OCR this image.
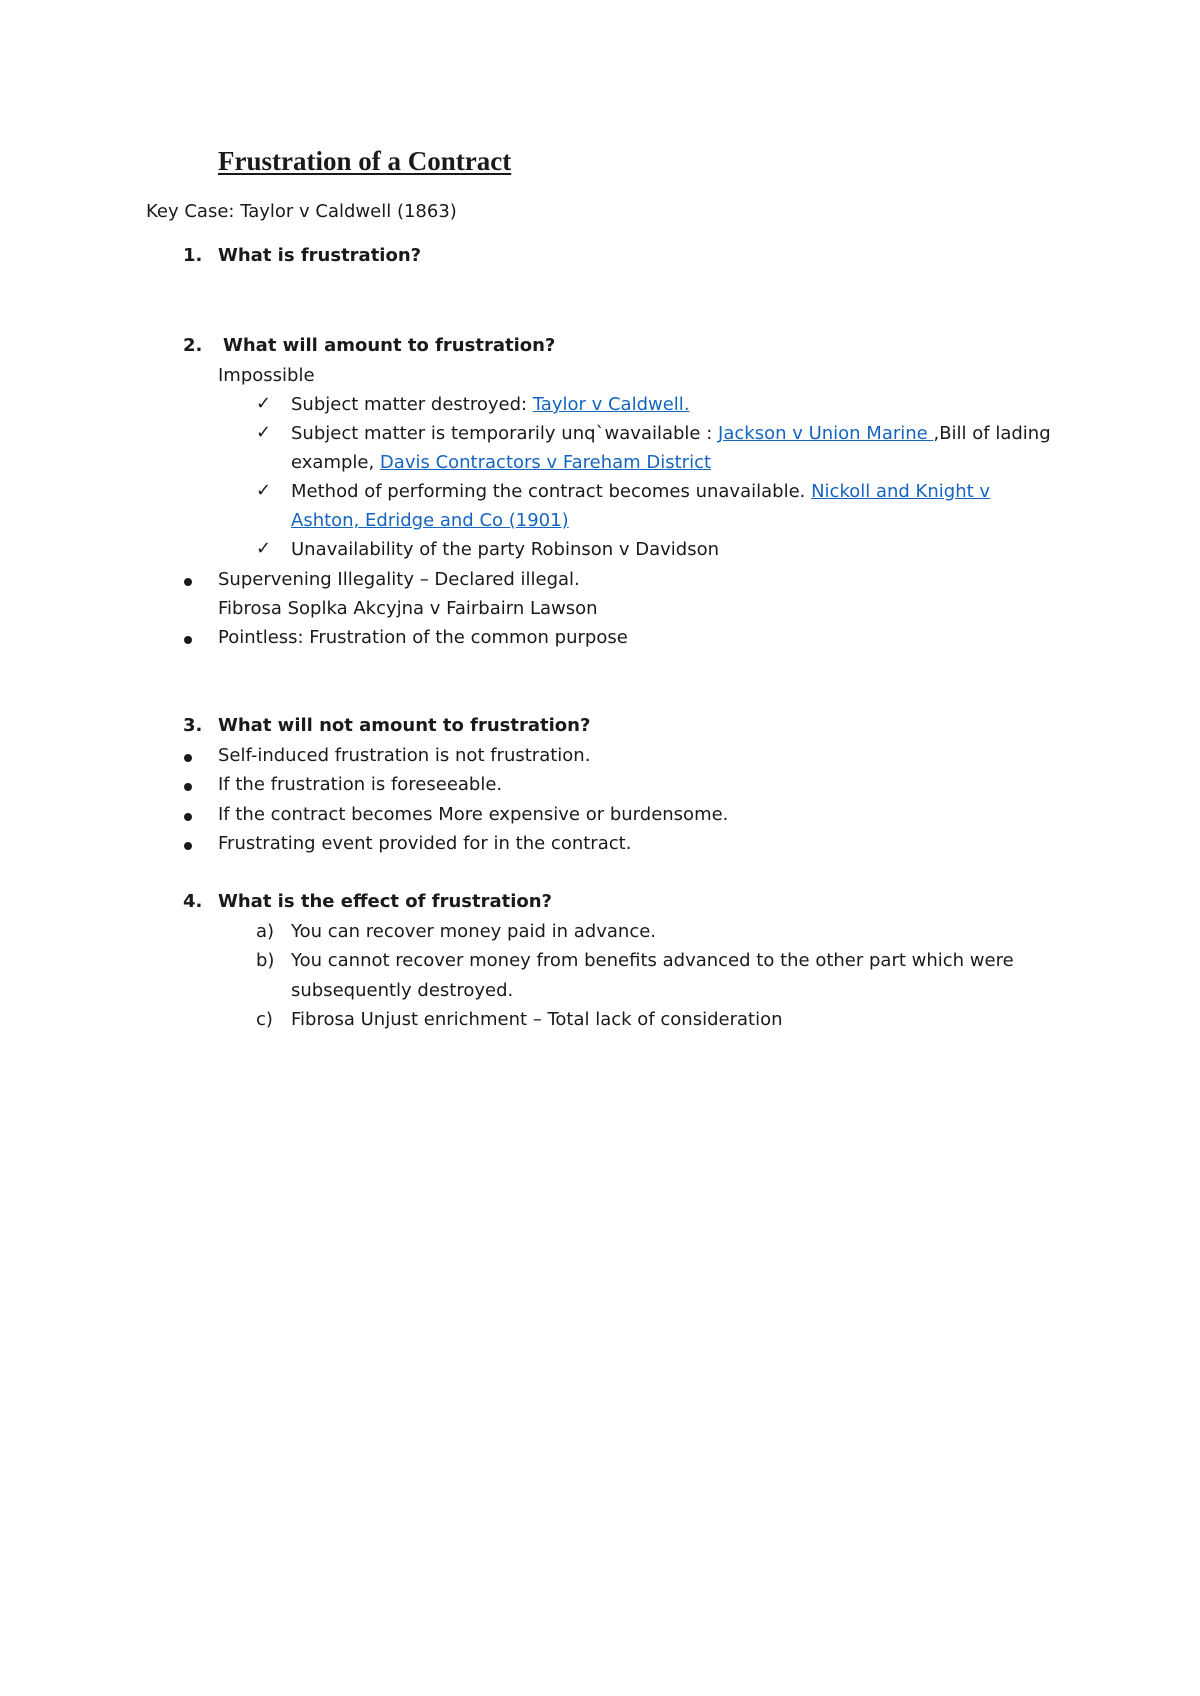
Frustration of a Contract
Key Case: Taylor v Caldwell (1863)
1. What is frustration?
2.	What will amount to frustration?
Impossible
✓ Subject matter destroyed: Taylor v Caldwell.
✓ Subject matter is temporarily unq`wavailable : Jackson v Union Marine ,Bill of lading
example, Davis Contractors v Fareham District
✓ Method of performing the contract becomes unavailable. Nickoll and Knight v
Ashton, Edridge and Co (1901)
✓ Unavailability of the party Robinson v Davidson
Supervening Illegality – Declared illegal.
Fibrosa Soplka Akcyjna v Fairbairn Lawson
Pointless: Frustration of the common purpose
3. What will not amount to frustration?
Self-induced frustration is not frustration.
If the frustration is foreseeable.
If the contract becomes More expensive or burdensome.
Frustrating event provided for in the contract.
4. What is the effect of frustration?
a) You can recover money paid in advance.
b) You cannot recover money from benefits advanced to the other part which were
subsequently destroyed.
c) Fibrosa Unjust enrichment – Total lack of consideration
